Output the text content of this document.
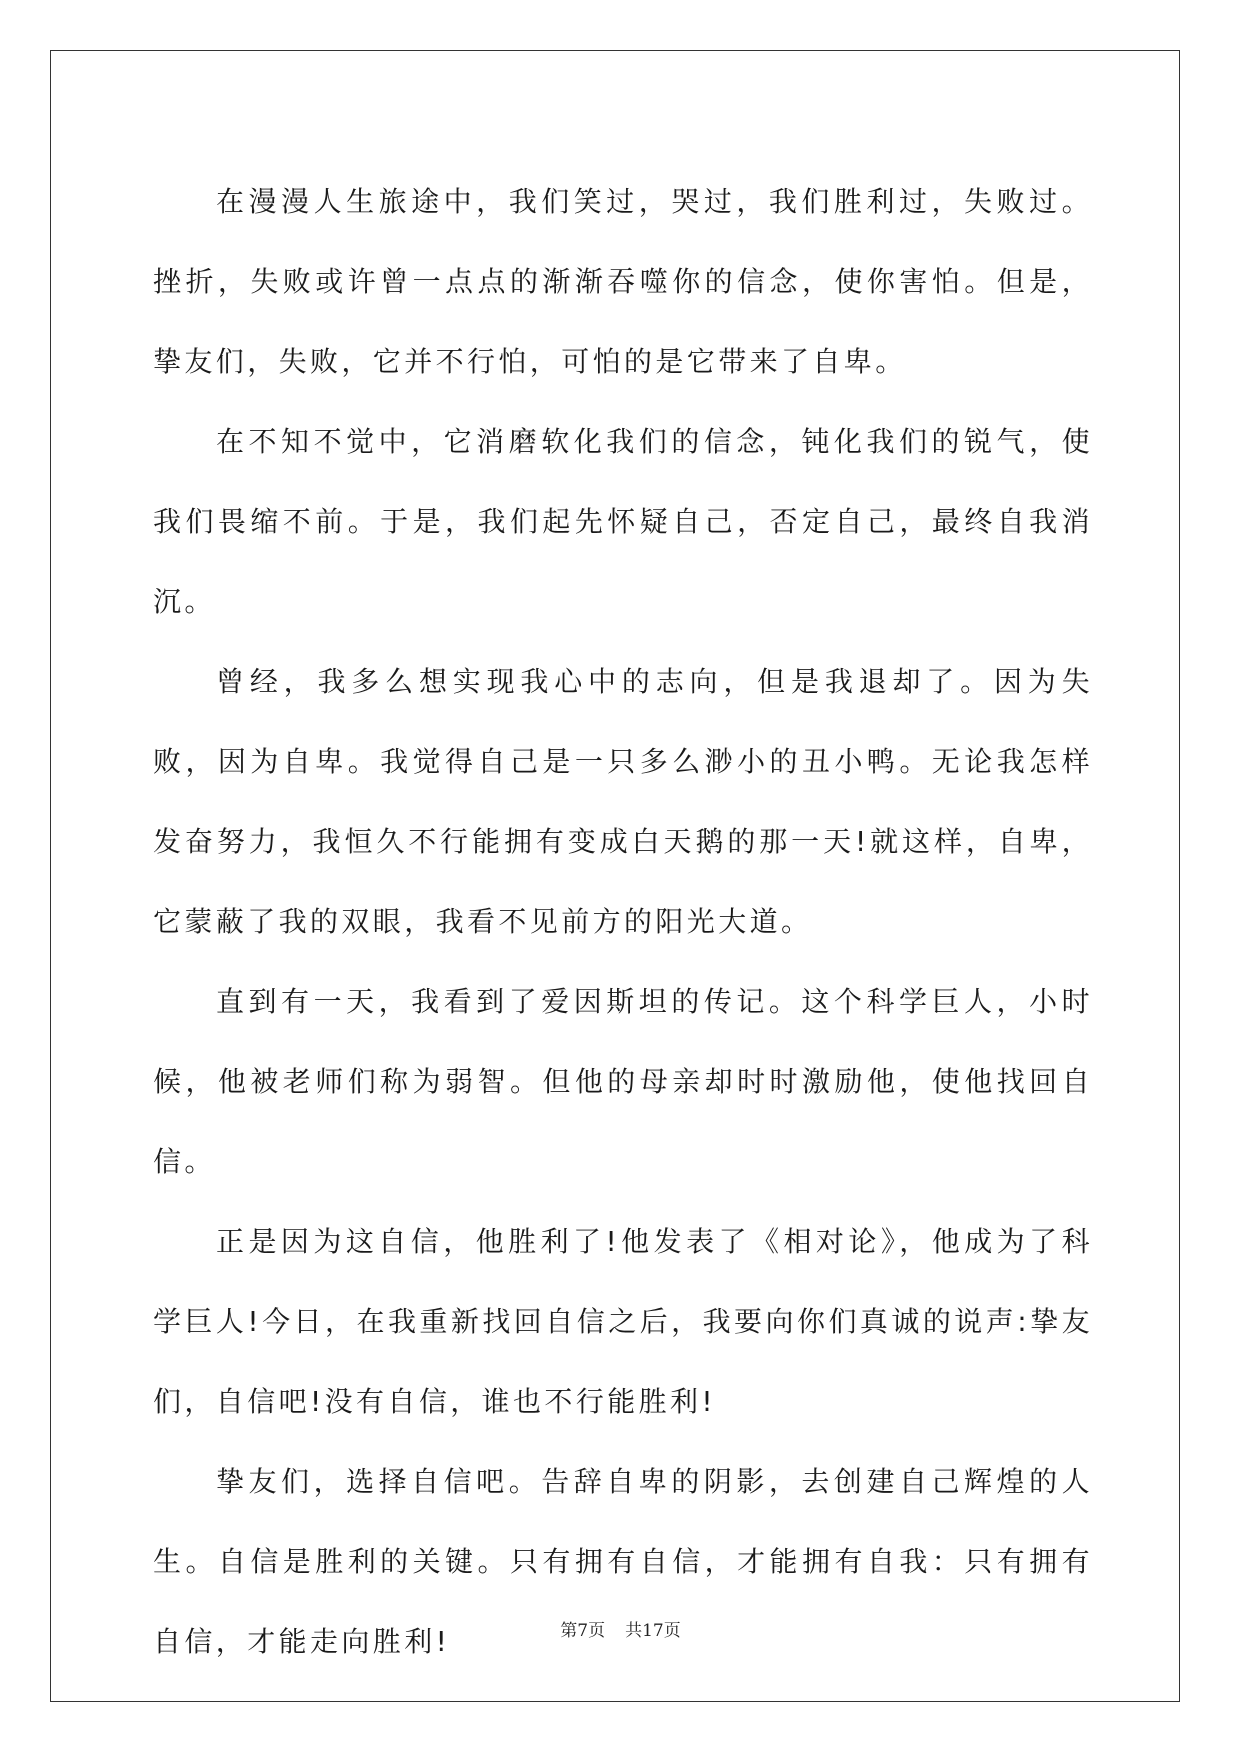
在漫漫人生旅途中，我们笑过，哭过，我们胜利过，失败过。挫折，失败或许曾一点点的渐渐吞噬你的信念，使你害怕。但是，挚友们，失败，它并不行怕，可怕的是它带来了自卑。

在不知不觉中，它消磨软化我们的信念，钝化我们的锐气，使我们畏缩不前。于是，我们起先怀疑自己，否定自己，最终自我消沉。

曾经，我多么想实现我心中的志向，但是我退却了。因为失败，因为自卑。我觉得自己是一只多么渺小的丑小鸭。无论我怎样发奋努力，我恒久不行能拥有变成白天鹅的那一天!就这样，自卑，它蒙蔽了我的双眼，我看不见前方的阳光大道。

直到有一天，我看到了爱因斯坦的传记。这个科学巨人，小时候，他被老师们称为弱智。但他的母亲却时时激励他，使他找回自信。

正是因为这自信，他胜利了!他发表了《相对论》，他成为了科学巨人!今日，在我重新找回自信之后，我要向你们真诚的说声:挚友们，自信吧!没有自信，谁也不行能胜利!

挚友们，选择自信吧。告辞自卑的阴影，去创建自己辉煌的人生。自信是胜利的关键。只有拥有自信，才能拥有自我：只有拥有自信，才能走向胜利!	第7页 共17页
